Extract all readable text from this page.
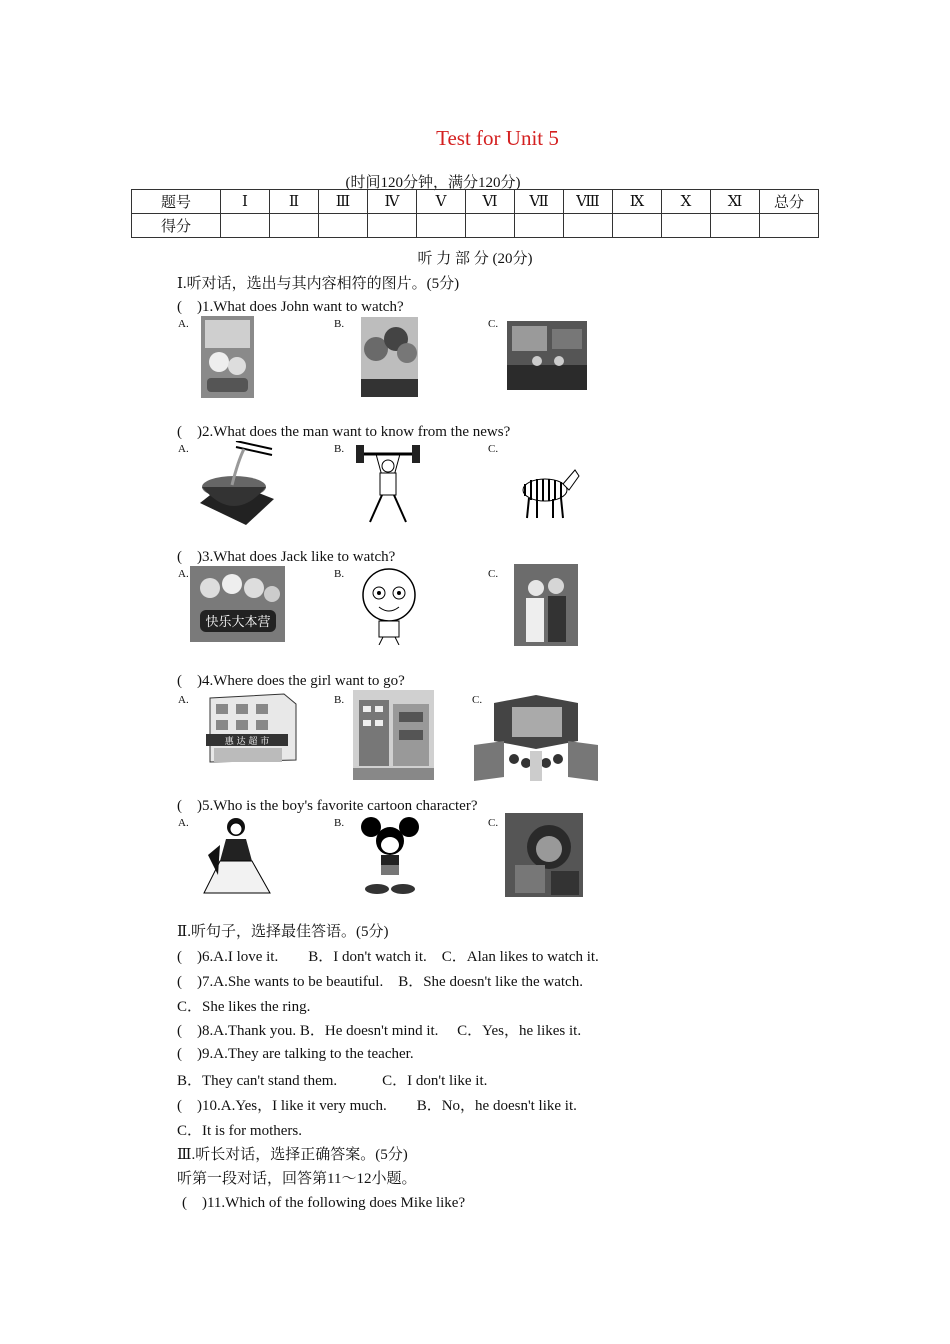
Test for Unit 5
(时间120分钟，满分120分)
题号	Ⅰ	Ⅱ	Ⅲ	Ⅳ	Ⅴ	Ⅵ	Ⅶ	Ⅷ	Ⅸ	Ⅹ	Ⅺ	总分
得分												
听 力 部 分 (20分)
Ⅰ.听对话，选出与其内容相符的图片。(5分)
(　)1.What does John want to watch?
A.	B.	C.
(　)2.What does the man want to know from the news?
A.	B.	C.
(　)3.What does Jack like to watch?
A.	B.	C.
快乐大本营
(　)4.Where does the girl want to go?
A.	B.	C.
惠 达 超 市
(　)5.Who is the boy's favorite cartoon character?
A.	B.	C.
Ⅱ.听句子，选择最佳答语。(5分)
(　)6.A.I love it.　　B．I don't watch it.　C．Alan likes to watch it.
(　)7.A.She wants to be beautiful.　B．She doesn't like the watch.
C．She likes the ring.
(　)8.A.Thank you. B．He doesn't mind it.　 C．Yes，he likes it.
(　)9.A.They are talking to the teacher.
B．They can't stand them.　　　C．I don't like it.
(　)10.A.Yes，I like it very much.　　B．No，he doesn't like it.
C．It is for mothers.
Ⅲ.听长对话，选择正确答案。(5分)
听第一段对话，回答第11～12小题。
(　)11.Which of the following does Mike like?
